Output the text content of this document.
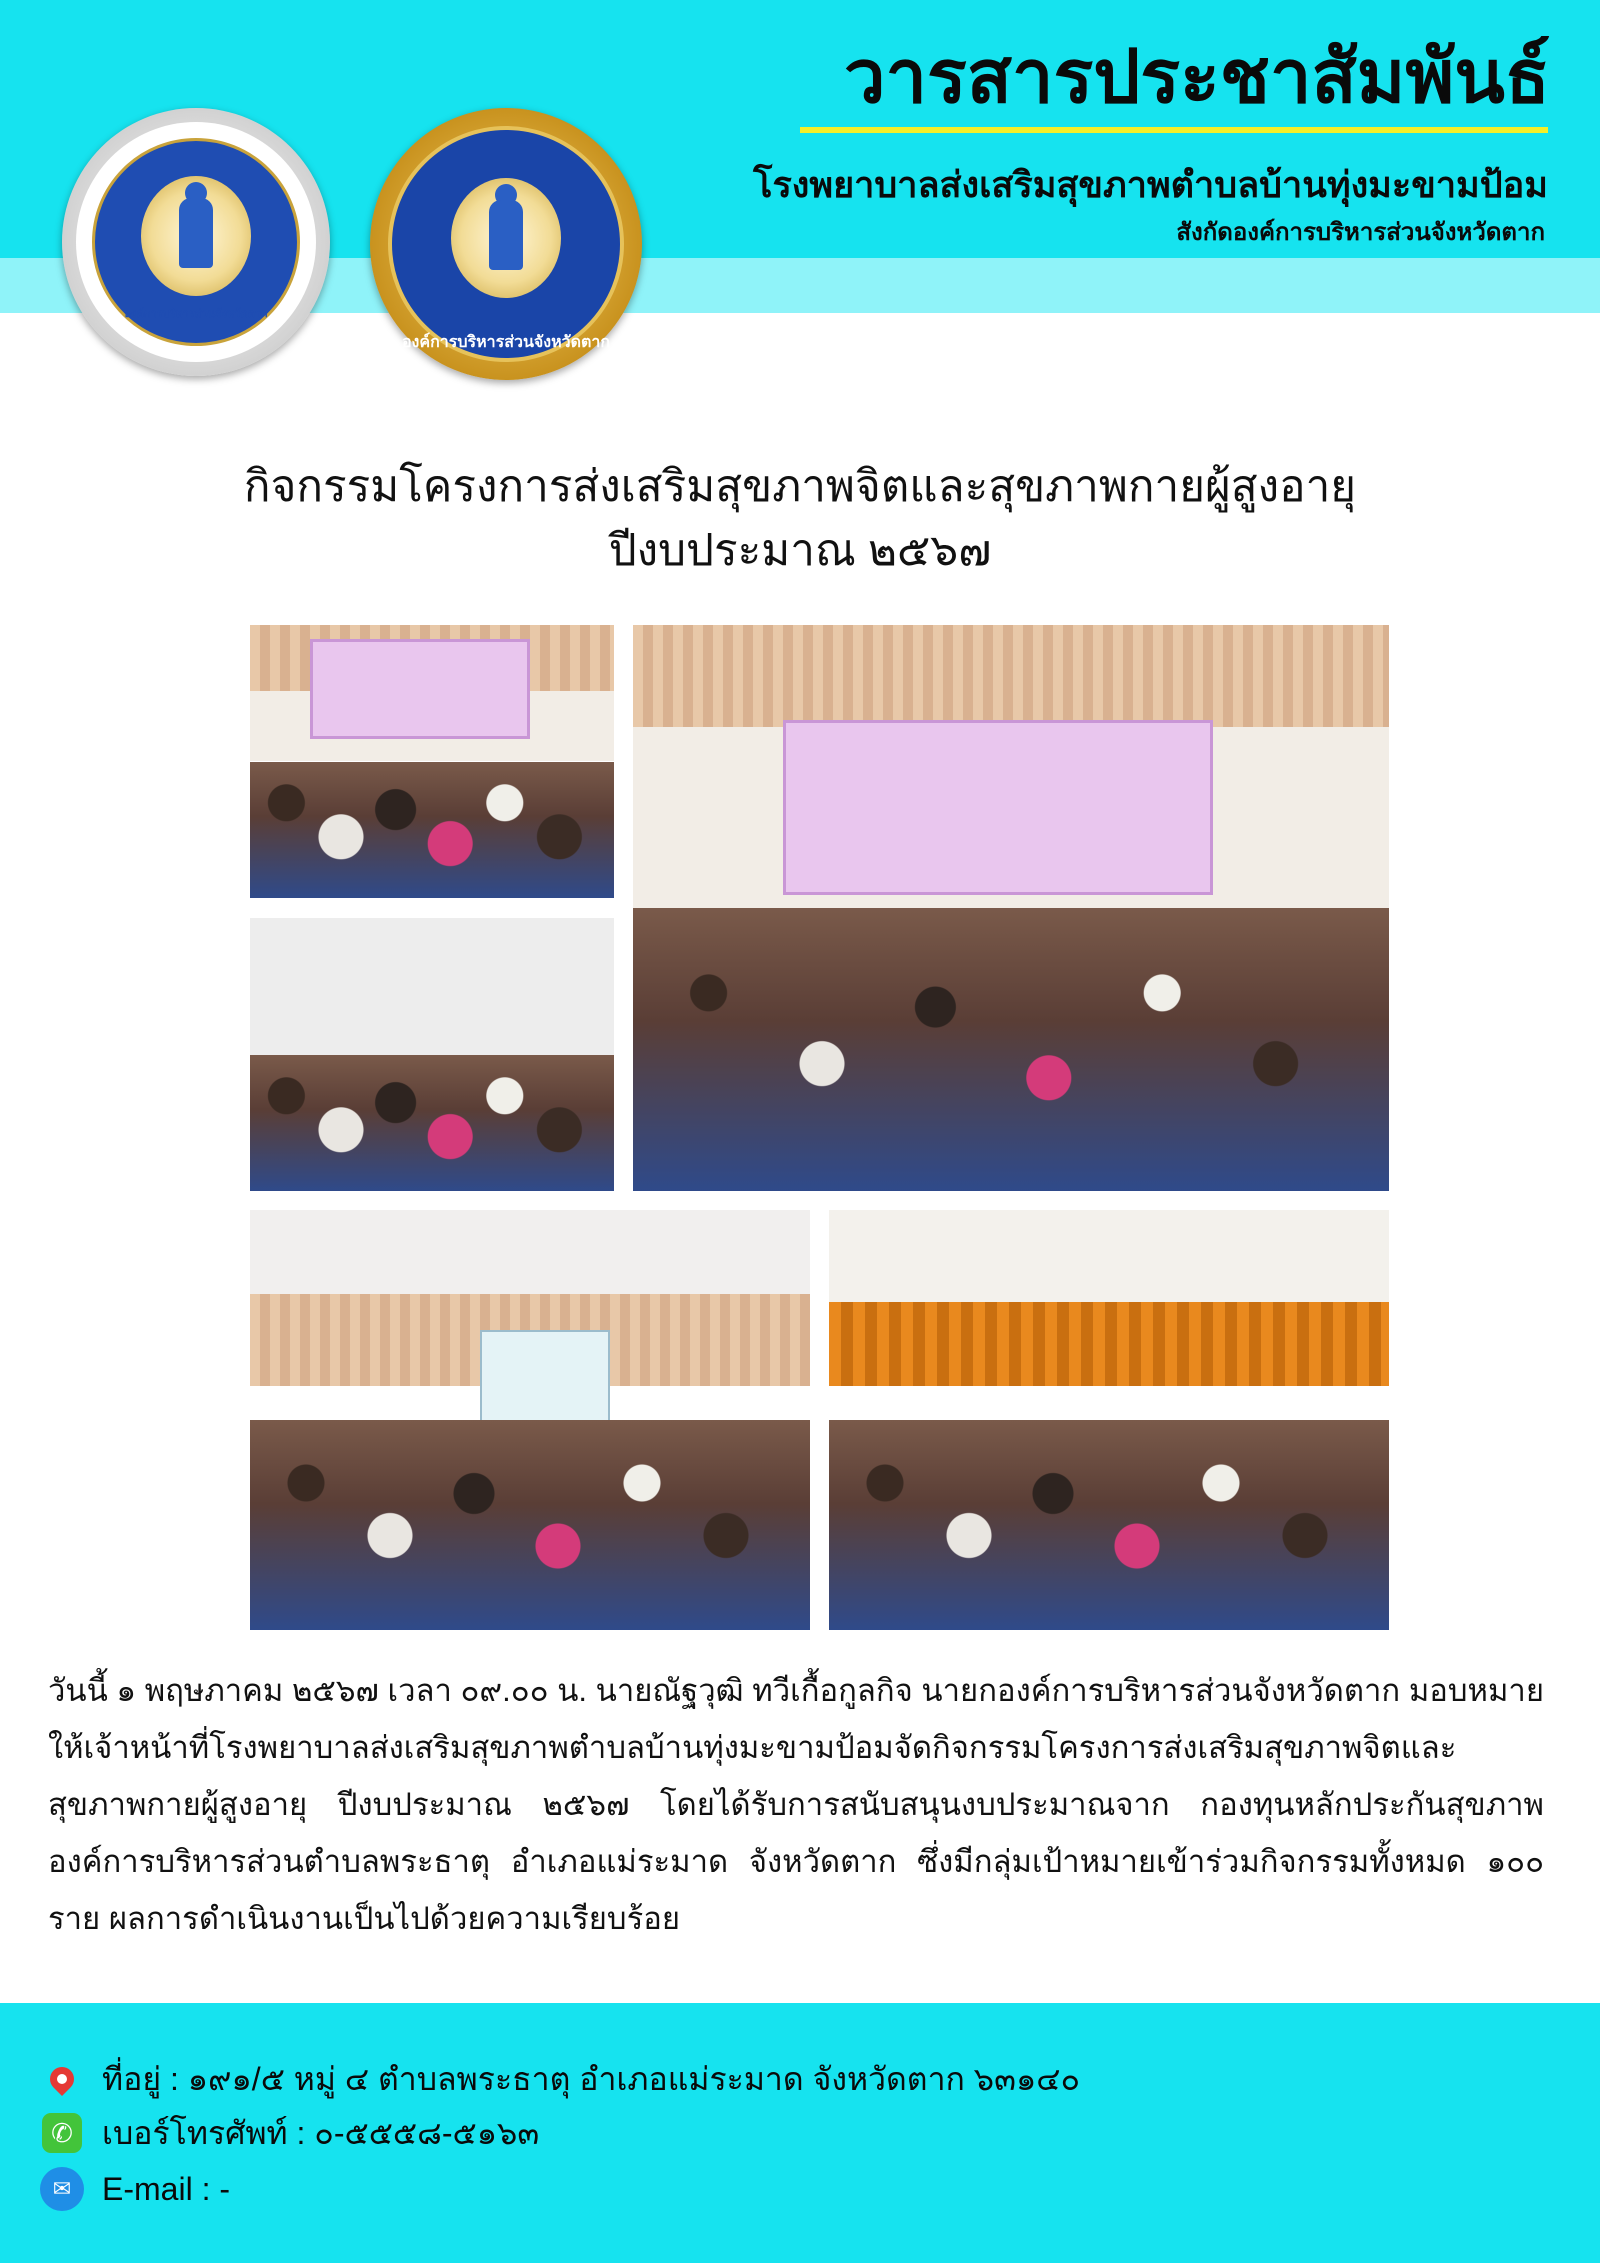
องค์การบริหารส่วนจังหวัดตาก
องค์การบริหารส่วนจังหวัดตาก
วารสารประชาสัมพันธ์
โรงพยาบาลส่งเสริมสุขภาพตำบลบ้านทุ่งมะขามป้อม
สังกัดองค์การบริหารส่วนจังหวัดตาก
กิจกรรมโครงการส่งเสริมสุขภาพจิตและสุขภาพกายผู้สูงอายุ
ปีงบประมาณ ๒๕๖๗

วันนี้ ๑ พฤษภาคม ๒๕๖๗ เวลา ๐๙.๐๐ น. นายณัฐวุฒิ ทวีเกื้อกูลกิจ นายกองค์การบริหารส่วนจังหวัดตาก มอบหมายให้เจ้าหน้าที่โรงพยาบาลส่งเสริมสุขภาพตำบลบ้านทุ่งมะขามป้อมจัดกิจกรรมโครงการส่งเสริมสุขภาพจิตและสุขภาพกายผู้สูงอายุ ปีงบประมาณ ๒๕๖๗ โดยได้รับการสนับสนุนงบประมาณจาก กองทุนหลักประกันสุขภาพองค์การบริหารส่วนตำบลพระธาตุ อำเภอแม่ระมาด จังหวัดตาก ซึ่งมีกลุ่มเป้าหมายเข้าร่วมกิจกรรมทั้งหมด ๑๐๐ ราย ผลการดำเนินงานเป็นไปด้วยความเรียบร้อย

ที่อยู่ : ๑๙๑/๕ หมู่ ๔ ตำบลพระธาตุ อำเภอแม่ระมาด จังหวัดตาก ๖๓๑๔๐
✆ เบอร์โทรศัพท์ : ๐-๕๕๕๘-๕๑๖๓
✉ E-mail : -
